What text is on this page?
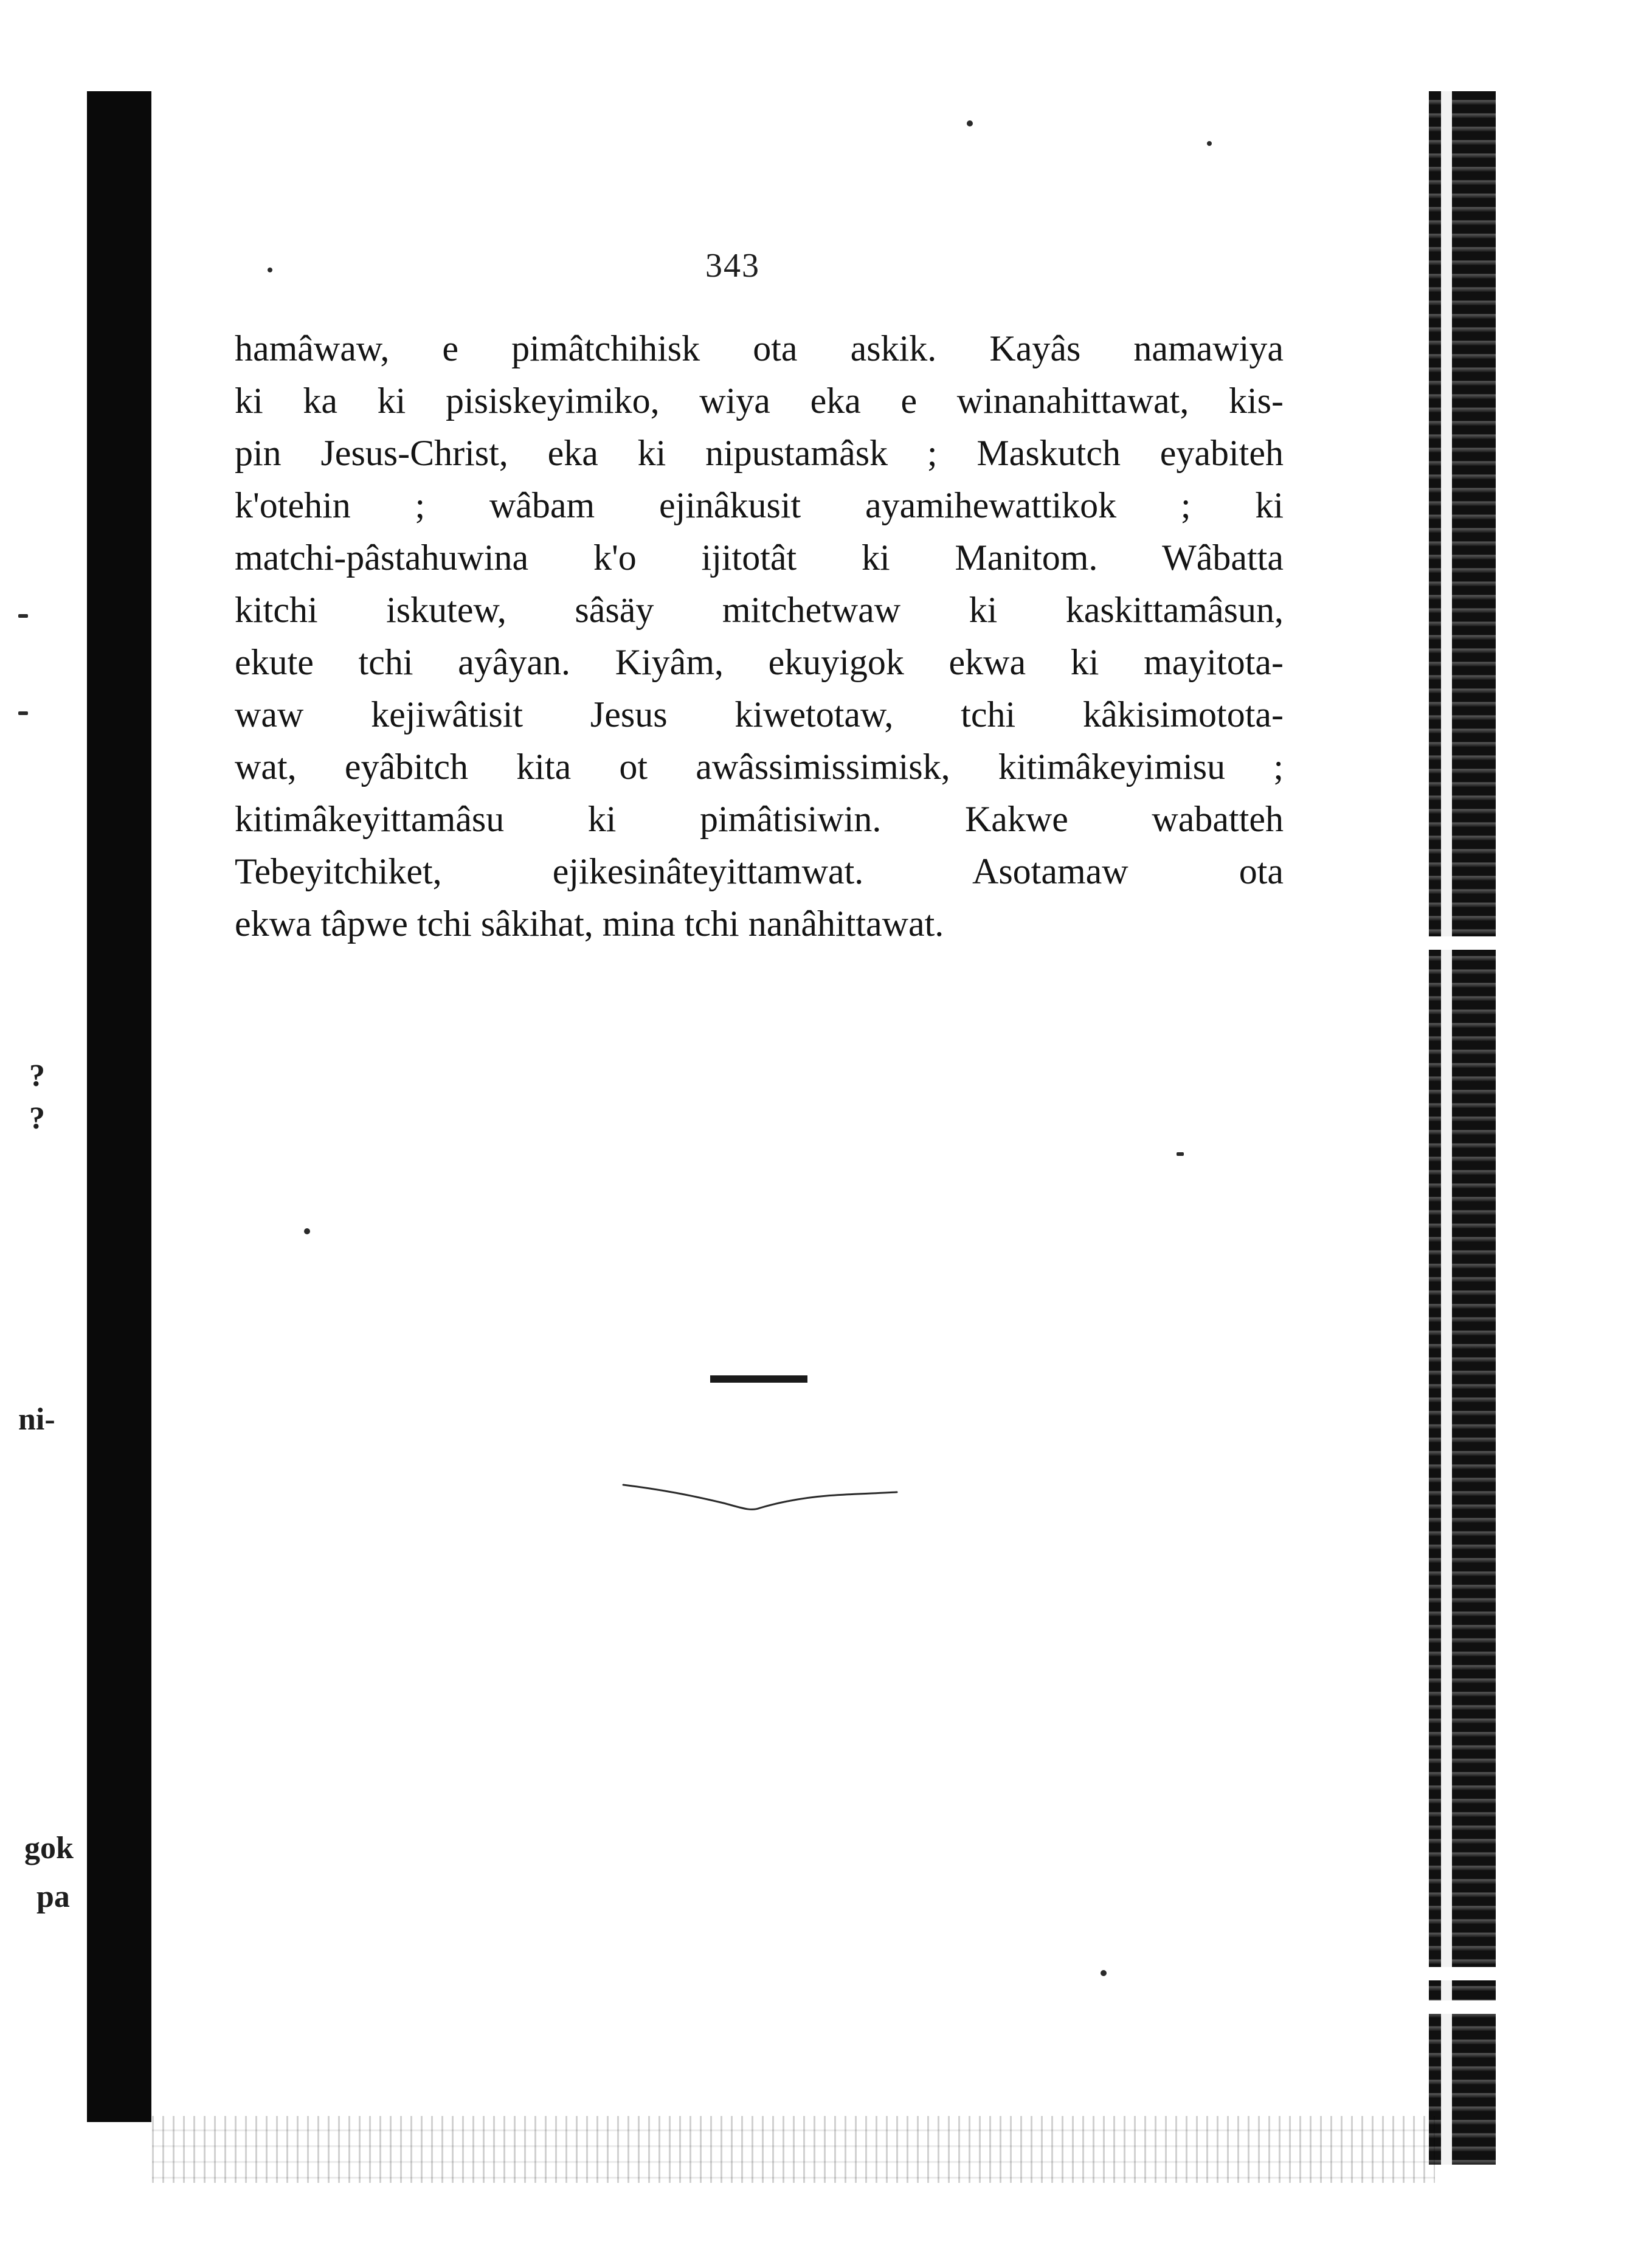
?
?
ni-
gok
pa
343
hamâwaw, e pimâtchihisk ota askik. Kayâs namawiya
ki ka ki pisiskeyimiko, wiya eka e winanahittawat, kis-
pin Jesus-Christ, eka ki nipustamâsk ; Maskutch eyabiteh
k'otehin ; wâbam ejinâkusit ayamihewattikok ; ki
matchi-pâstahuwina k'o ijitotât ki Manitom. Wâbatta
kitchi iskutew, sâsäy mitchetwaw ki kaskittamâsun,
ekute tchi ayâyan. Kiyâm, ekuyigok ekwa ki mayitota-
waw kejiwâtisit Jesus kiwetotaw, tchi kâkisimotota-
wat, eyâbitch kita ot awâssimissimisk, kitimâkeyimisu ;
kitimâkeyittamâsu ki pimâtisiwin. Kakwe wabatteh
Tebeyitchiket, ejikesinâteyittamwat. Asotamaw ota
ekwa tâpwe tchi sâkihat, mina tchi nanâhittawat.
